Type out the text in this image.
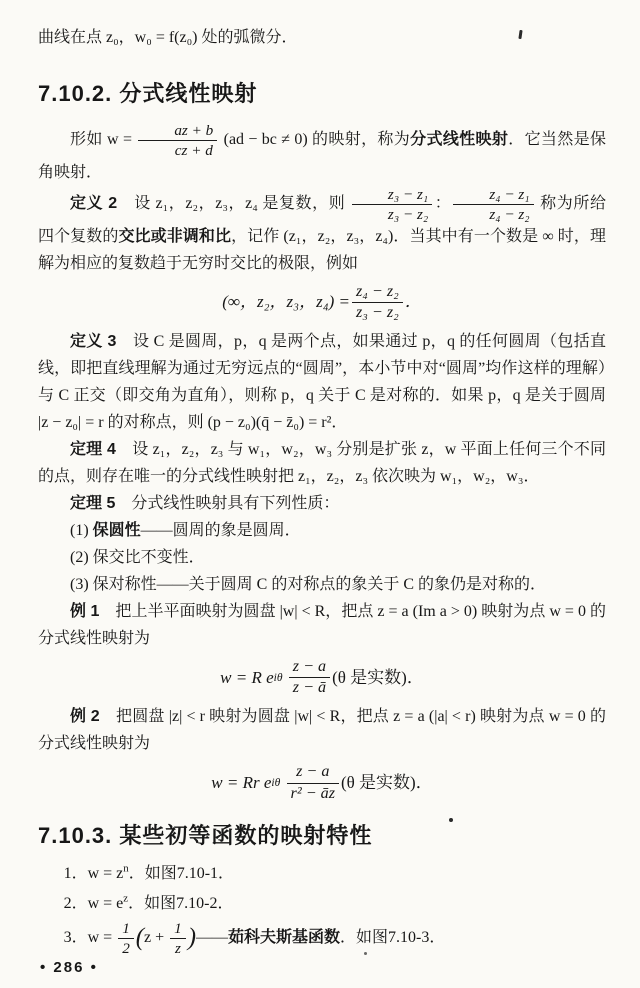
曲线在点 z₀，w₀ = f(z₀) 处的弧微分．

7.10.2. 分式线性映射

形如 $w = \frac{az + b}{cz + d} (ad$ − bc ≠ 0) 的映射，称为分式线性映射．它当然是保角映射．

定义 2　设 z₁，z₂，z₃，z₄ 是复数，则 $\frac{\text{z₃ − z₁}}{\text{z₃ − z₂}}$ ： $\frac{\text{z₄ − z₁}}{\text{z₄ − z₂}}$ 称为所给四个复数的交比或非调和比，记作 (z₁，z₂，z₃，z₄)．当其中有一个数是 ∞ 时，理解为相应的复数趋于无穷时交比的极限，例如

(∞，z₂，z₃，$z_4) = \frac{\text{z₄ − z₂}}{\text{z₃ − z₂}}$ ．

定义 3　设 C 是圆周，p，q 是两个点，如果通过 p，q 的任何圆周（包括直线，即把直线理解为通过无穷远点的“圆周”，本小节中对“圆周”均作这样的理解）与 C 正交（即交角为直角），则称 p，q 关于 C 是对称的．如果 p，q 是关于圆周 |z − z₀| = r 的对称点，则 (p − z₀)(q̄ − z̄₀) = r²．

定理 4　设 z₁，z₂，z₃ 与 w₁，w₂，w₃ 分别是扩张 z，w 平面上任何三个不同的点，则存在唯一的分式线性映射把 z₁，z₂，z₃ 依次映为 w₁，w₂，w₃．

定理 5　分式线性映射具有下列性质：

(1) 保圆性——圆周的象是圆周．
(2) 保交比不变性．
(3) 保对称性——关于圆周 C 的对称点的象关于 C 的象仍是对称的．

例 1　把上半平面映射为圆盘 |w| < R，把点 z = a (Im a > 0) 映射为点 w = 0 的分式线性映射为

w = R e iθ
$\frac{z - a}{z - ā} (\theta$ 是实数)．

例 2　把圆盘 |z| < r 映射为圆盘 |w| < R，把点 z = a (|a| < r) 映射为点 w = 0 的分式线性映射为

w = Rr e iθ
$\frac{z - a}{\text{r² − āz}} (\theta$ 是实数)．
7.10.3. 某些初等函数的映射特性
1．$w = z^n$．如图7.10-1．
2．$w = e^z$．如图7.10-2．
3．$w = \frac{1}{2} (z + \frac{1}{z}$ )——茹科夫斯基函数．如图7.10-3．
• 286 •
